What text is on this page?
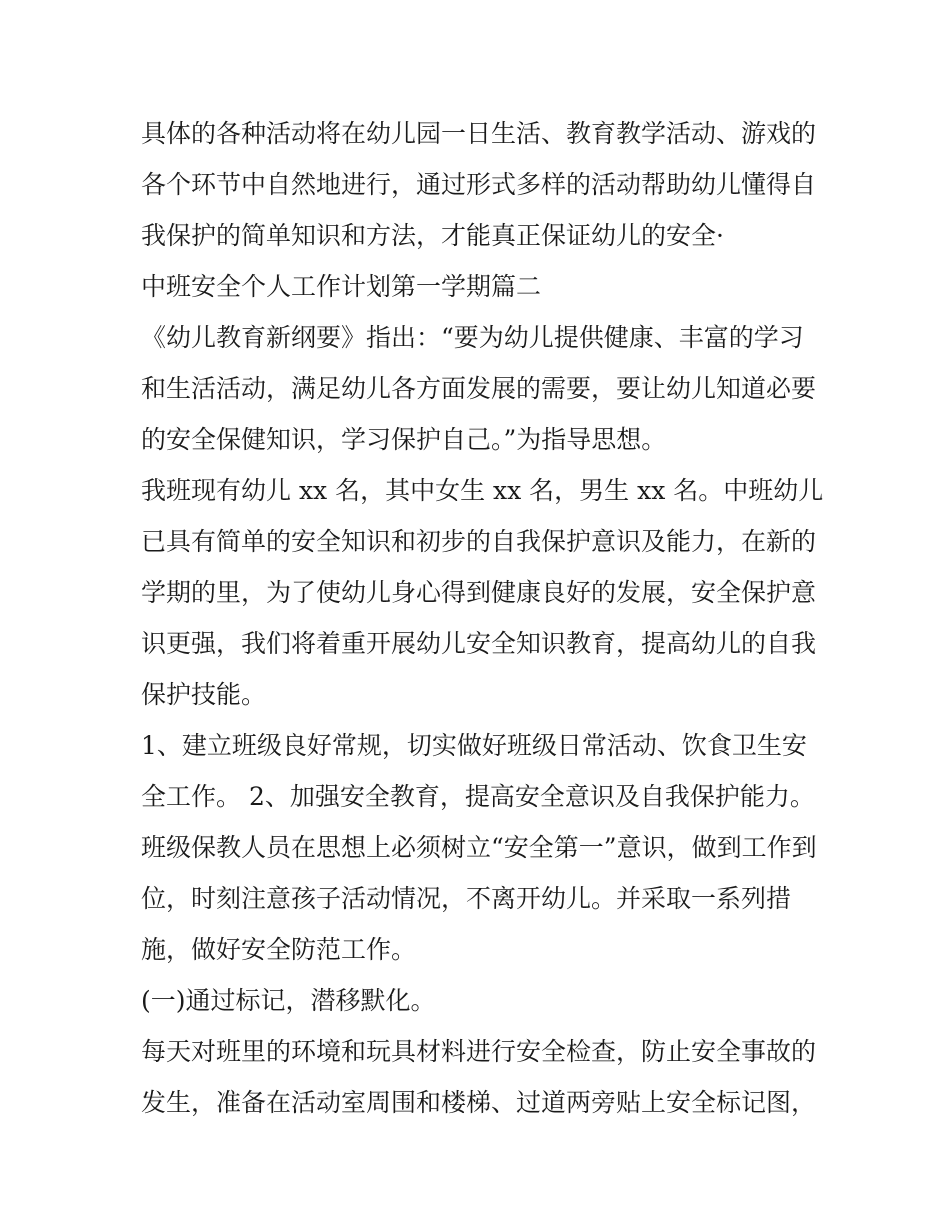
具体的各种活动将在幼儿园一日生活、教育教学活动、游戏的
各个环节中自然地进行，通过形式多样的活动帮助幼儿懂得自
我保护的简单知识和方法，才能真正保证幼儿的安全·
中班安全个人工作计划第一学期篇二
《幼儿教育新纲要》指出：“要为幼儿提供健康、丰富的学习
和生活活动，满足幼儿各方面发展的需要，要让幼儿知道必要
的安全保健知识，学习保护自己。”为指导思想。
我班现有幼儿 xx 名，其中女生 xx 名，男生 xx 名。中班幼儿
已具有简单的安全知识和初步的自我保护意识及能力，在新的
学期的里，为了使幼儿身心得到健康良好的发展，安全保护意
识更强，我们将着重开展幼儿安全知识教育，提高幼儿的自我
保护技能。
1、建立班级良好常规，切实做好班级日常活动、饮食卫生安
全工作。 2、加强安全教育，提高安全意识及自我保护能力。
班级保教人员在思想上必须树立“安全第一”意识，做到工作到
位，时刻注意孩子活动情况，不离开幼儿。并采取一系列措
施，做好安全防范工作。
(一)通过标记，潜移默化。
每天对班里的环境和玩具材料进行安全检查，防止安全事故的
发生，准备在活动室周围和楼梯、过道两旁贴上安全标记图，
